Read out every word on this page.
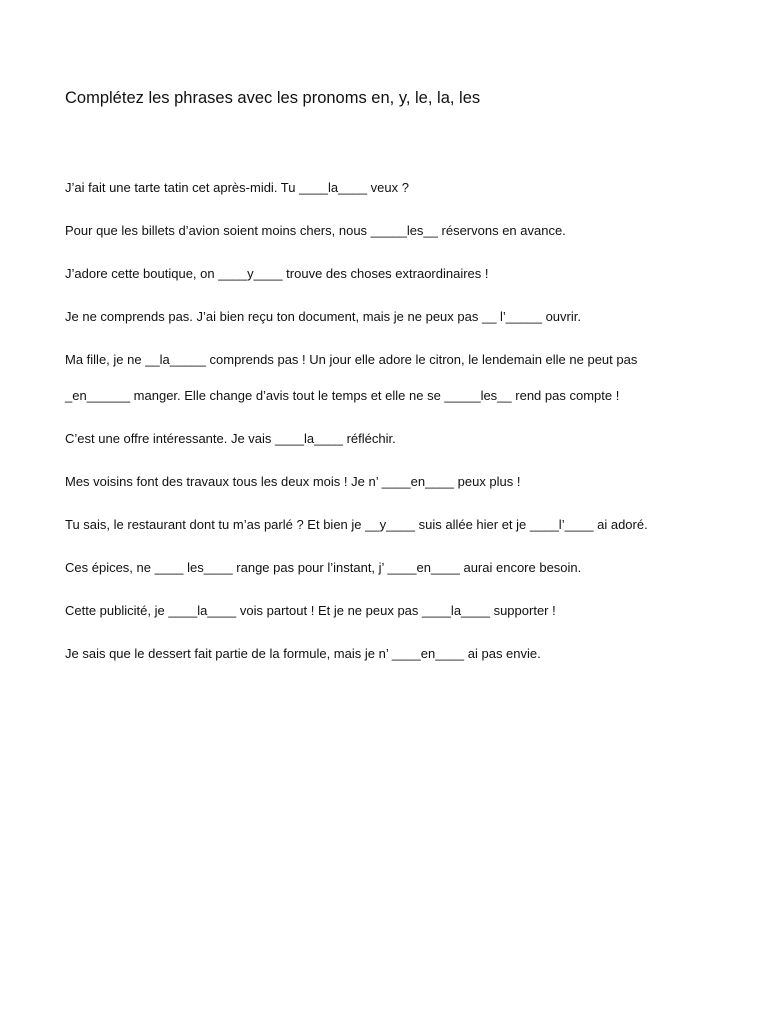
Complétez les phrases avec les pronoms en, y, le, la, les
J’ai fait une tarte tatin cet après-midi. Tu ____la____ veux ?
Pour que les billets d’avion soient moins chers, nous _____les__ réservons en avance.
J’adore cette boutique, on ____y____ trouve des choses extraordinaires !
Je ne comprends pas. J’ai bien reçu ton document, mais je ne peux pas __ l’_____ ouvrir.
Ma fille, je ne __la_____ comprends pas ! Un jour elle adore le citron, le lendemain elle ne peut pas
_en______ manger. Elle change d’avis tout le temps et elle ne se _____les__ rend pas compte !
C’est une offre intéressante. Je vais ____la____ réfléchir.
Mes voisins font des travaux tous les deux mois ! Je n’ ____en____ peux plus !
Tu sais, le restaurant dont tu m’as parlé ? Et bien je __y____ suis allée hier et je ____l’____ ai adoré.
Ces épices, ne ____ les____ range pas pour l’instant, j’ ____en____ aurai encore besoin.
Cette publicité, je ____la____ vois partout ! Et je ne peux pas ____la____ supporter !
Je sais que le dessert fait partie de la formule, mais je n’ ____en____ ai pas envie.
